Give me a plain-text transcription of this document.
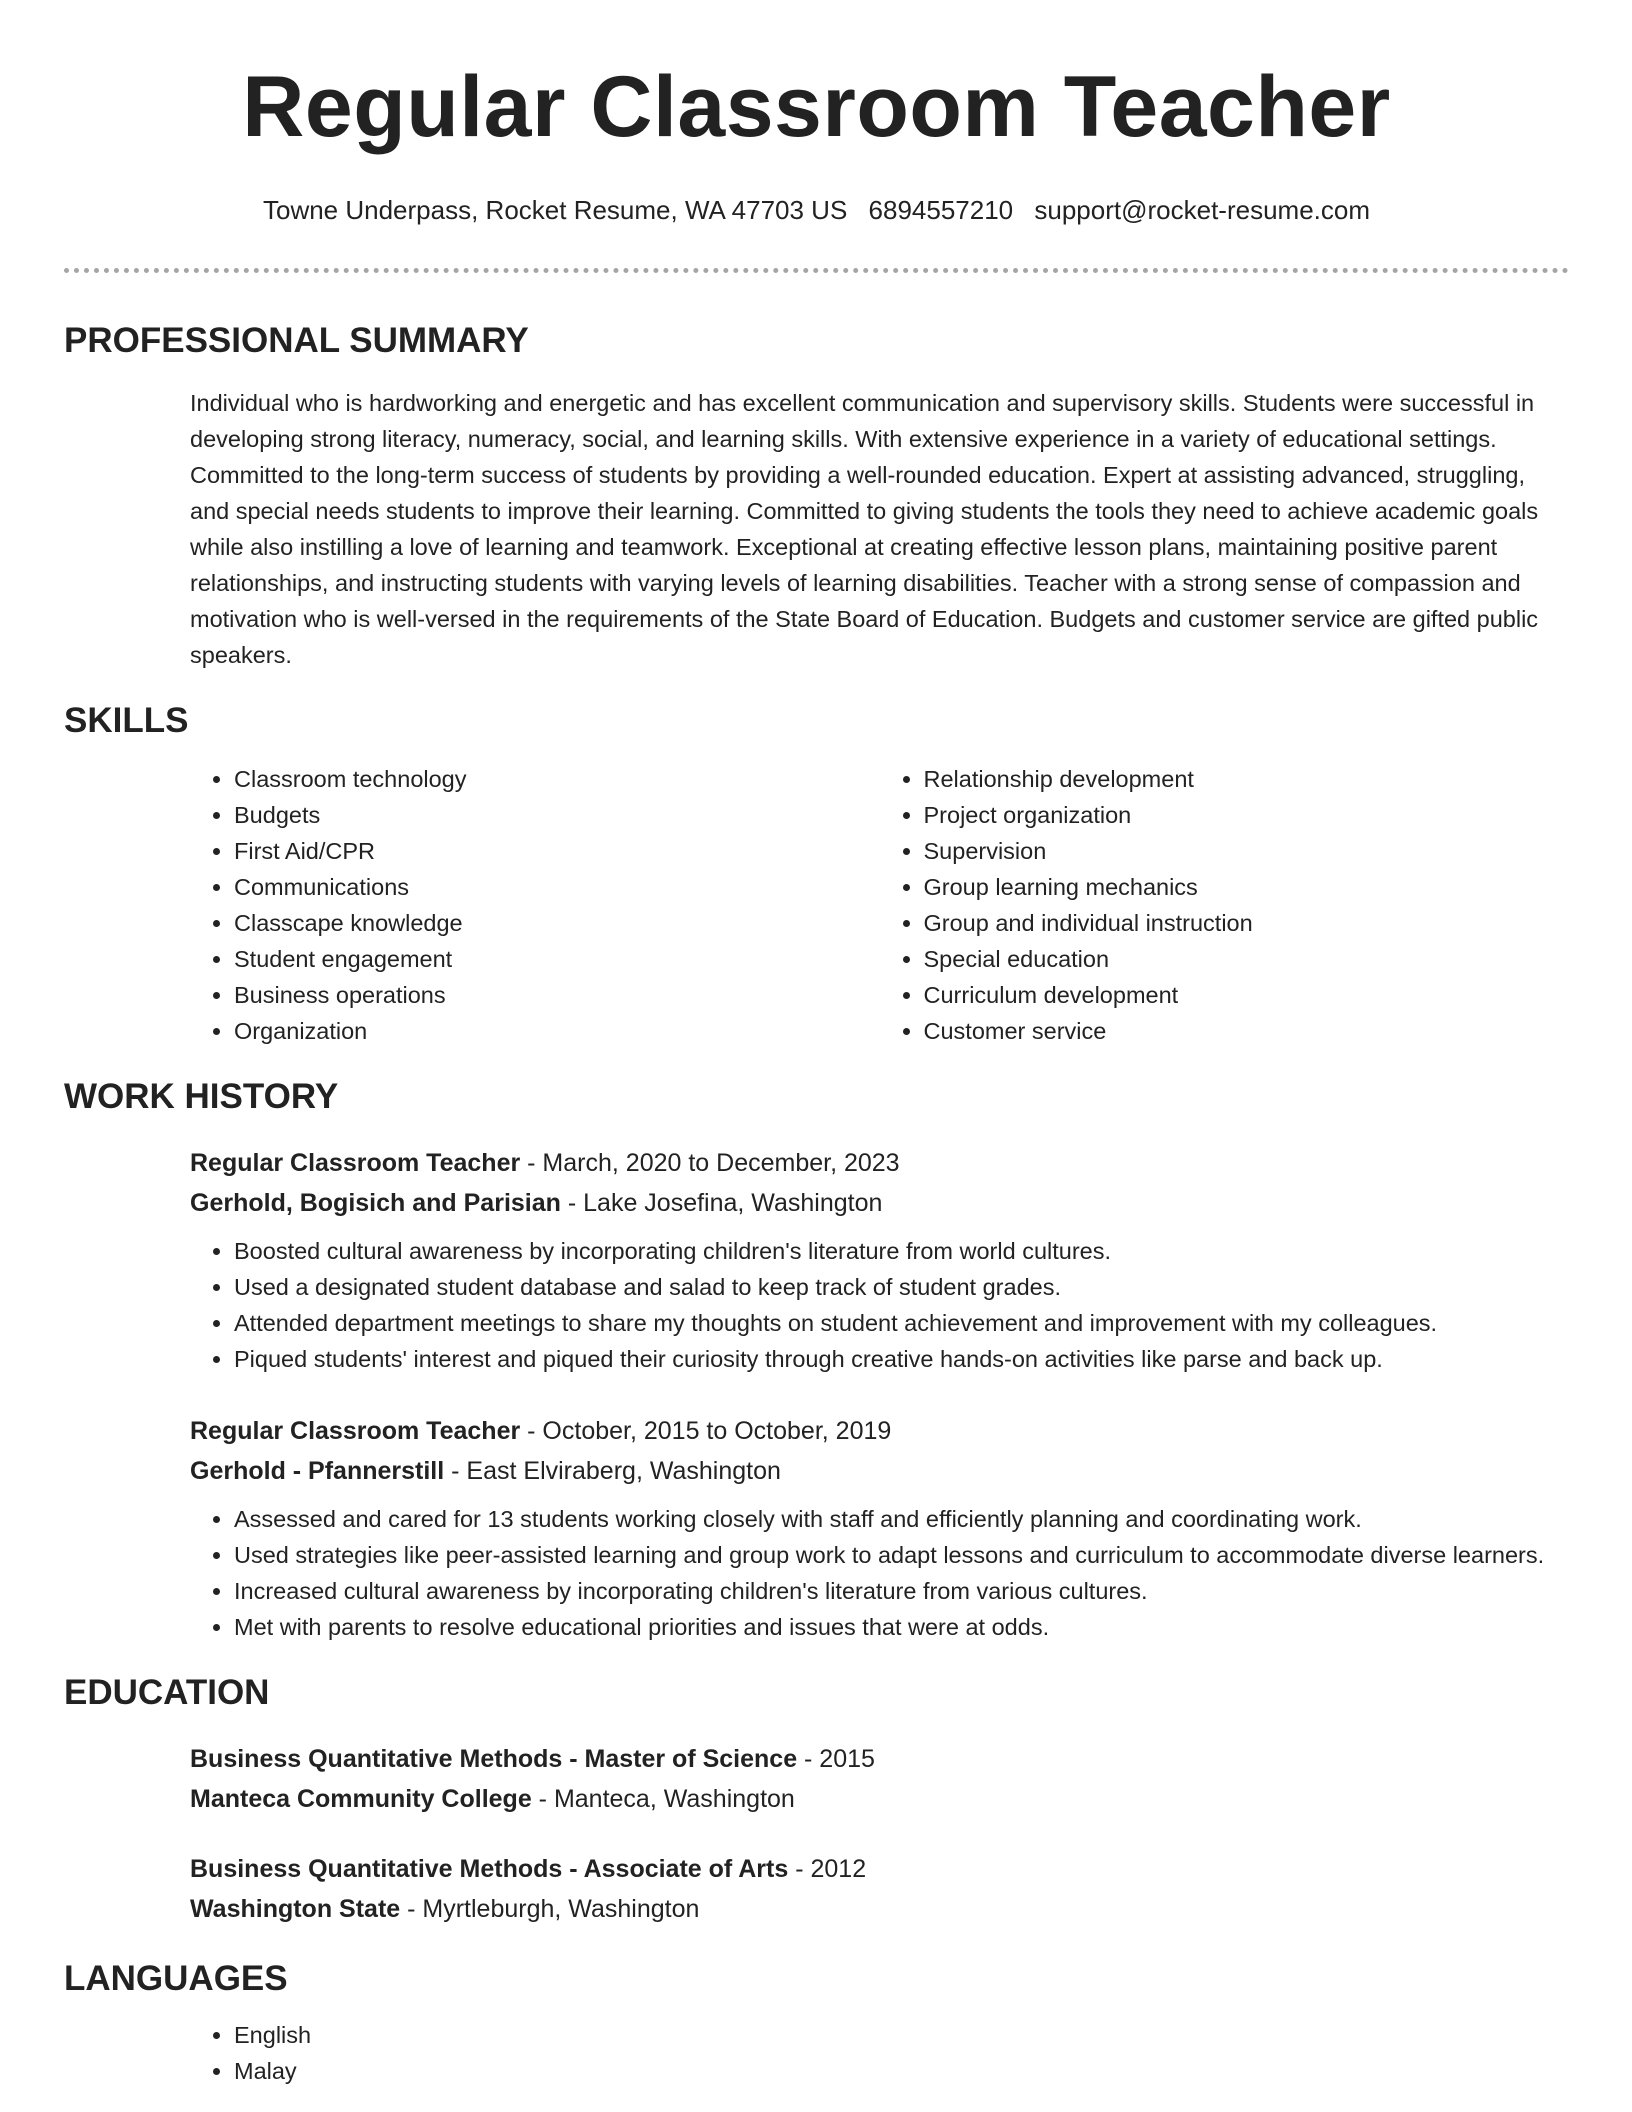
Regular Classroom Teacher
Towne Underpass, Rocket Resume, WA 47703 US 6894557210 support@rocket-resume.com
PROFESSIONAL SUMMARY

Individual who is hardworking and energetic and has excellent communication and supervisory skills. Students were successful in developing strong literacy, numeracy, social, and learning skills. With extensive experience in a variety of educational settings. Committed to the long-term success of students by providing a well-rounded education. Expert at assisting advanced, struggling, and special needs students to improve their learning. Committed to giving students the tools they need to achieve academic goals while also instilling a love of learning and teamwork. Exceptional at creating effective lesson plans, maintaining positive parent relationships, and instructing students with varying levels of learning disabilities. Teacher with a strong sense of compassion and motivation who is well-versed in the requirements of the State Board of Education. Budgets and customer service are gifted public speakers.

SKILLS
• Classroom technology
• Budgets
• First Aid/CPR
• Communications
• Classcape knowledge
• Student engagement
• Business operations
• Organization
• Relationship development
• Project organization
• Supervision
• Group learning mechanics
• Group and individual instruction
• Special education
• Curriculum development
• Customer service
WORK HISTORY
Regular Classroom Teacher - March, 2020 to December, 2023
Gerhold, Bogisich and Parisian - Lake Josefina, Washington
• Boosted cultural awareness by incorporating children's literature from world cultures.
• Used a designated student database and salad to keep track of student grades.
• Attended department meetings to share my thoughts on student achievement and improvement with my colleagues.
• Piqued students' interest and piqued their curiosity through creative hands-on activities like parse and back up.
Regular Classroom Teacher - October, 2015 to October, 2019
Gerhold - Pfannerstill - East Elviraberg, Washington
• Assessed and cared for 13 students working closely with staff and efficiently planning and coordinating work.
• Used strategies like peer-assisted learning and group work to adapt lessons and curriculum to accommodate diverse learners.
• Increased cultural awareness by incorporating children's literature from various cultures.
• Met with parents to resolve educational priorities and issues that were at odds.
EDUCATION
Business Quantitative Methods - Master of Science - 2015
Manteca Community College - Manteca, Washington
Business Quantitative Methods - Associate of Arts - 2012
Washington State - Myrtleburgh, Washington
LANGUAGES
• English
• Malay
